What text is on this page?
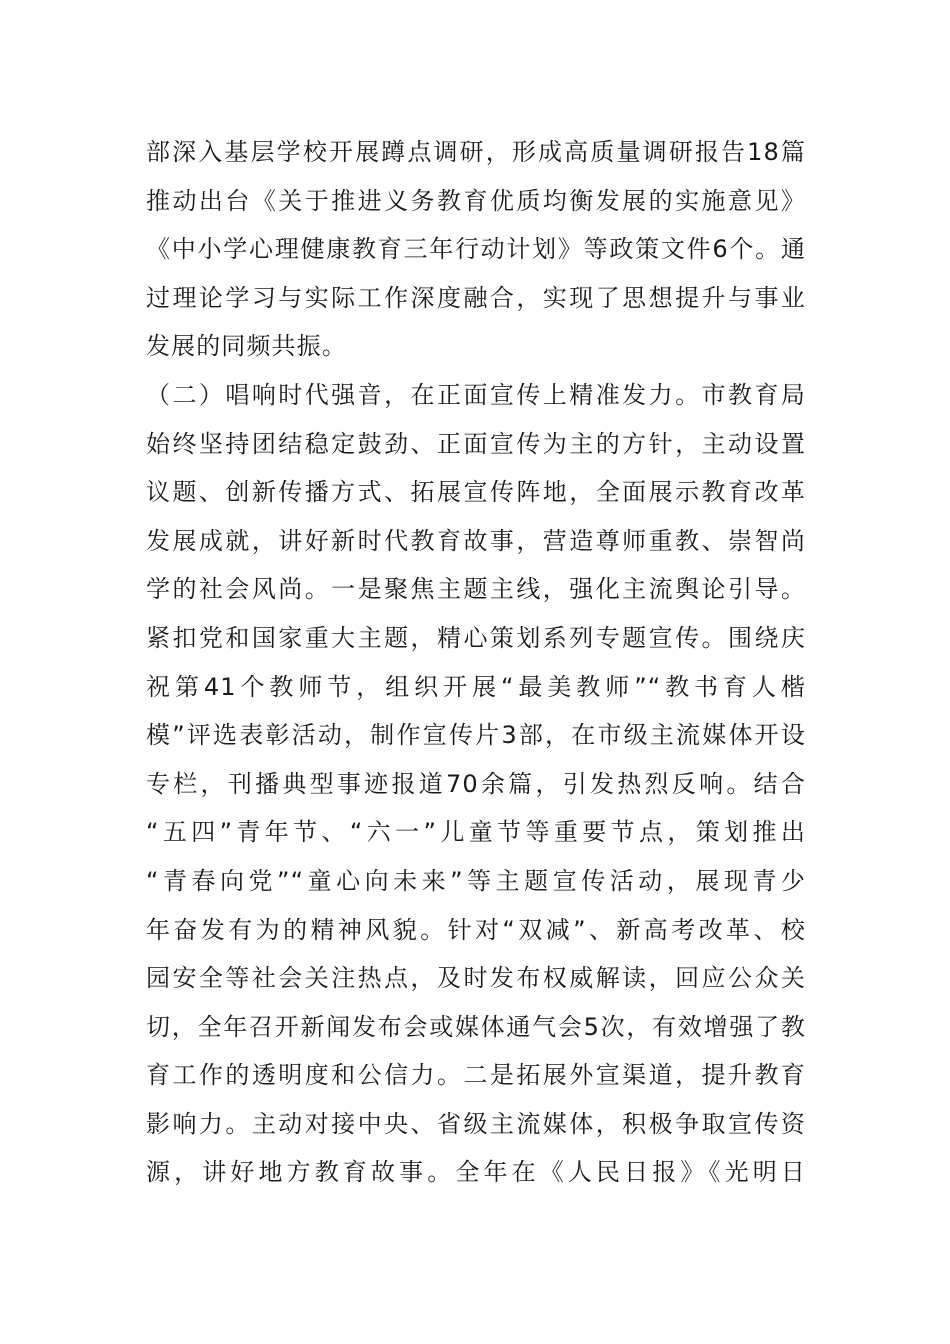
部深入基层学校开展蹲点调研，形成高质量调研报告18篇
推动出台《关于推进义务教育优质均衡发展的实施意见》
《中小学心理健康教育三年行动计划》等政策文件6个。通
过理论学习与实际工作深度融合，实现了思想提升与事业
发展的同频共振。
（二）唱响时代强音，在正面宣传上精准发力。市教育局
始终坚持团结稳定鼓劲、正面宣传为主的方针，主动设置
议题、创新传播方式、拓展宣传阵地，全面展示教育改革
发展成就，讲好新时代教育故事，营造尊师重教、崇智尚
学的社会风尚。一是聚焦主题主线，强化主流舆论引导。
紧扣党和国家重大主题，精心策划系列专题宣传。围绕庆
祝第41个教师节，组织开展“最美教师”“教书育人楷
模”评选表彰活动，制作宣传片3部，在市级主流媒体开设
专栏，刊播典型事迹报道70余篇，引发热烈反响。结合
“五四”青年节、“六一”儿童节等重要节点，策划推出
“青春向党”“童心向未来”等主题宣传活动，展现青少
年奋发有为的精神风貌。针对“双减”、新高考改革、校
园安全等社会关注热点，及时发布权威解读，回应公众关
切，全年召开新闻发布会或媒体通气会5次，有效增强了教
育工作的透明度和公信力。二是拓展外宣渠道，提升教育
影响力。主动对接中央、省级主流媒体，积极争取宣传资
源，讲好地方教育故事。全年在《人民日报》《光明日
